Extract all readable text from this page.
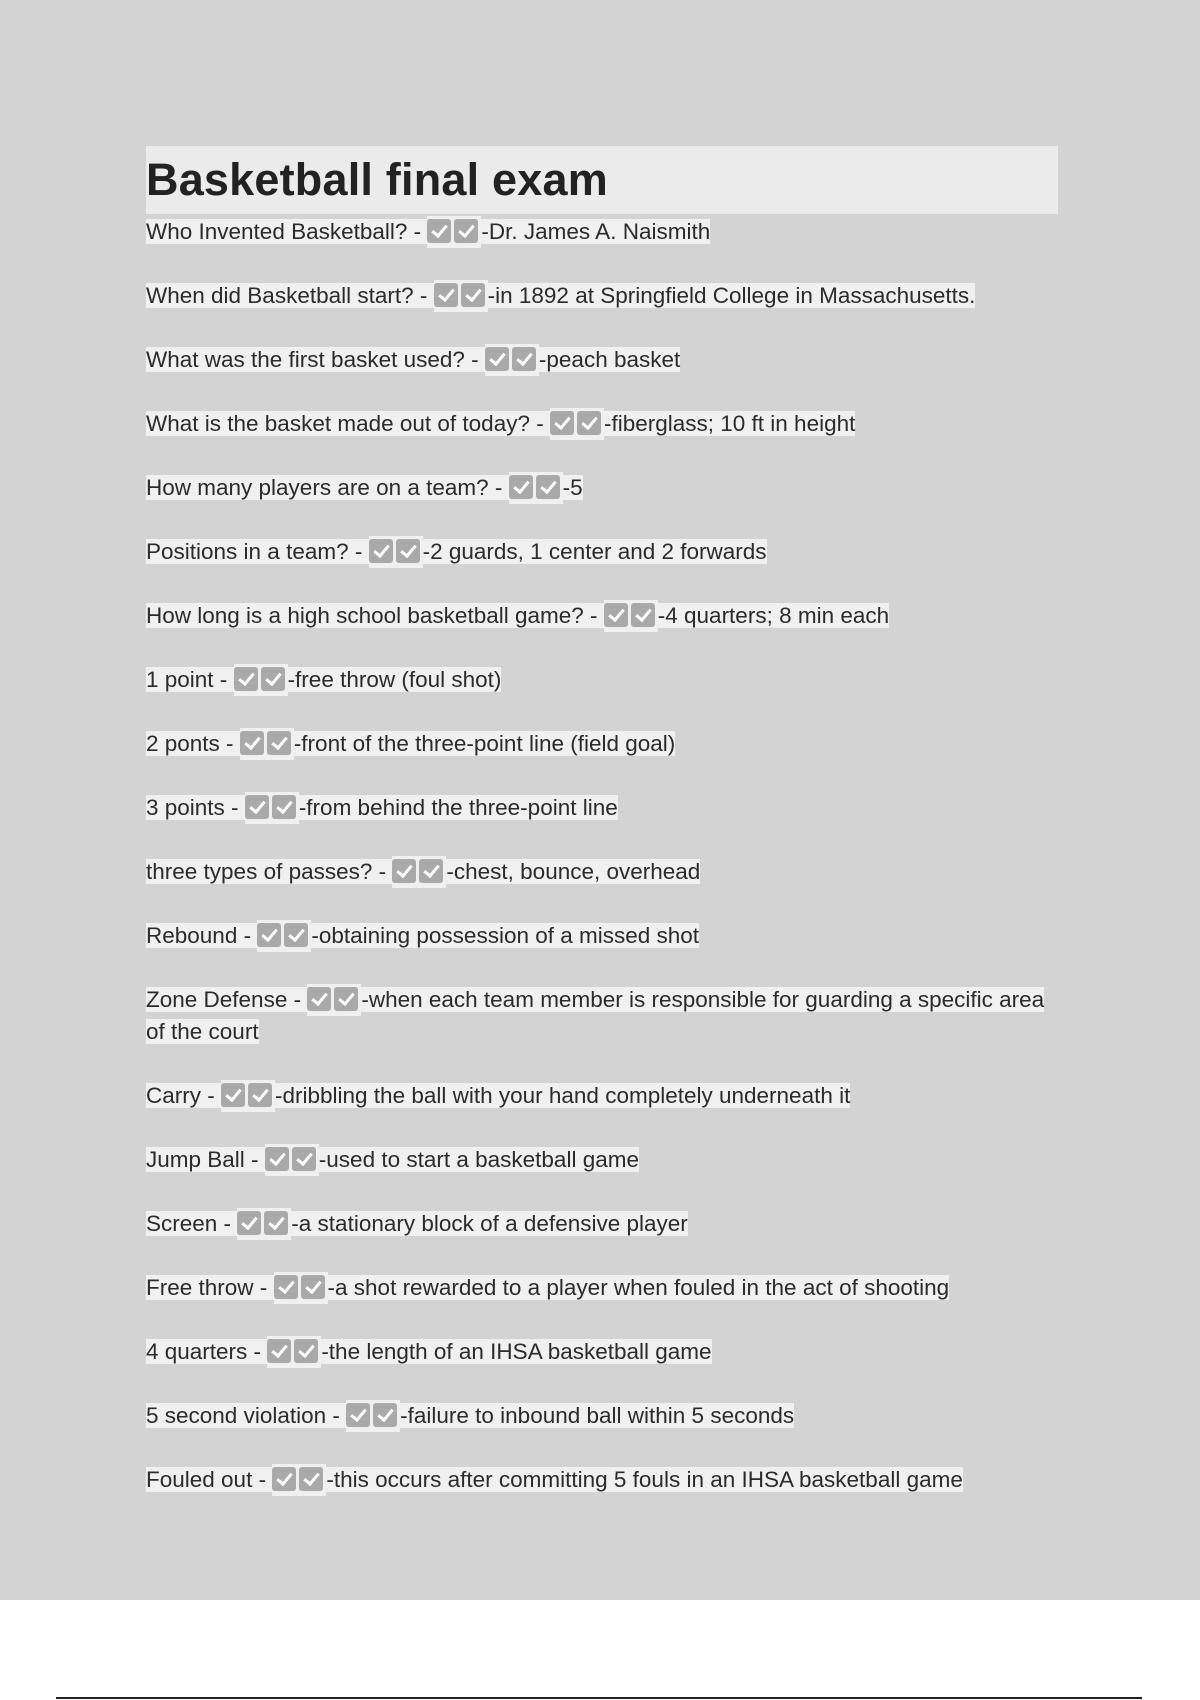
Basketball final exam
Who Invented Basketball? - -Dr. James A. Naismith
When did Basketball start? - -in 1892 at Springfield College in Massachusetts.
What was the first basket used? - -peach basket
What is the basket made out of today? - -fiberglass; 10 ft in height
How many players are on a team? - -5
Positions in a team? - -2 guards, 1 center and 2 forwards
How long is a high school basketball game? - -4 quarters; 8 min each
1 point - -free throw (foul shot)
2 ponts - -front of the three-point line (field goal)
3 points - -from behind the three-point line
three types of passes? - -chest, bounce, overhead
Rebound - -obtaining possession of a missed shot
Zone Defense - -when each team member is responsible for guarding a specific area of the court
Carry - -dribbling the ball with your hand completely underneath it
Jump Ball - -used to start a basketball game
Screen - -a stationary block of a defensive player
Free throw - -a shot rewarded to a player when fouled in the act of shooting
4 quarters - -the length of an IHSA basketball game
5 second violation - -failure to inbound ball within 5 seconds
Fouled out - -this occurs after committing 5 fouls in an IHSA basketball game
